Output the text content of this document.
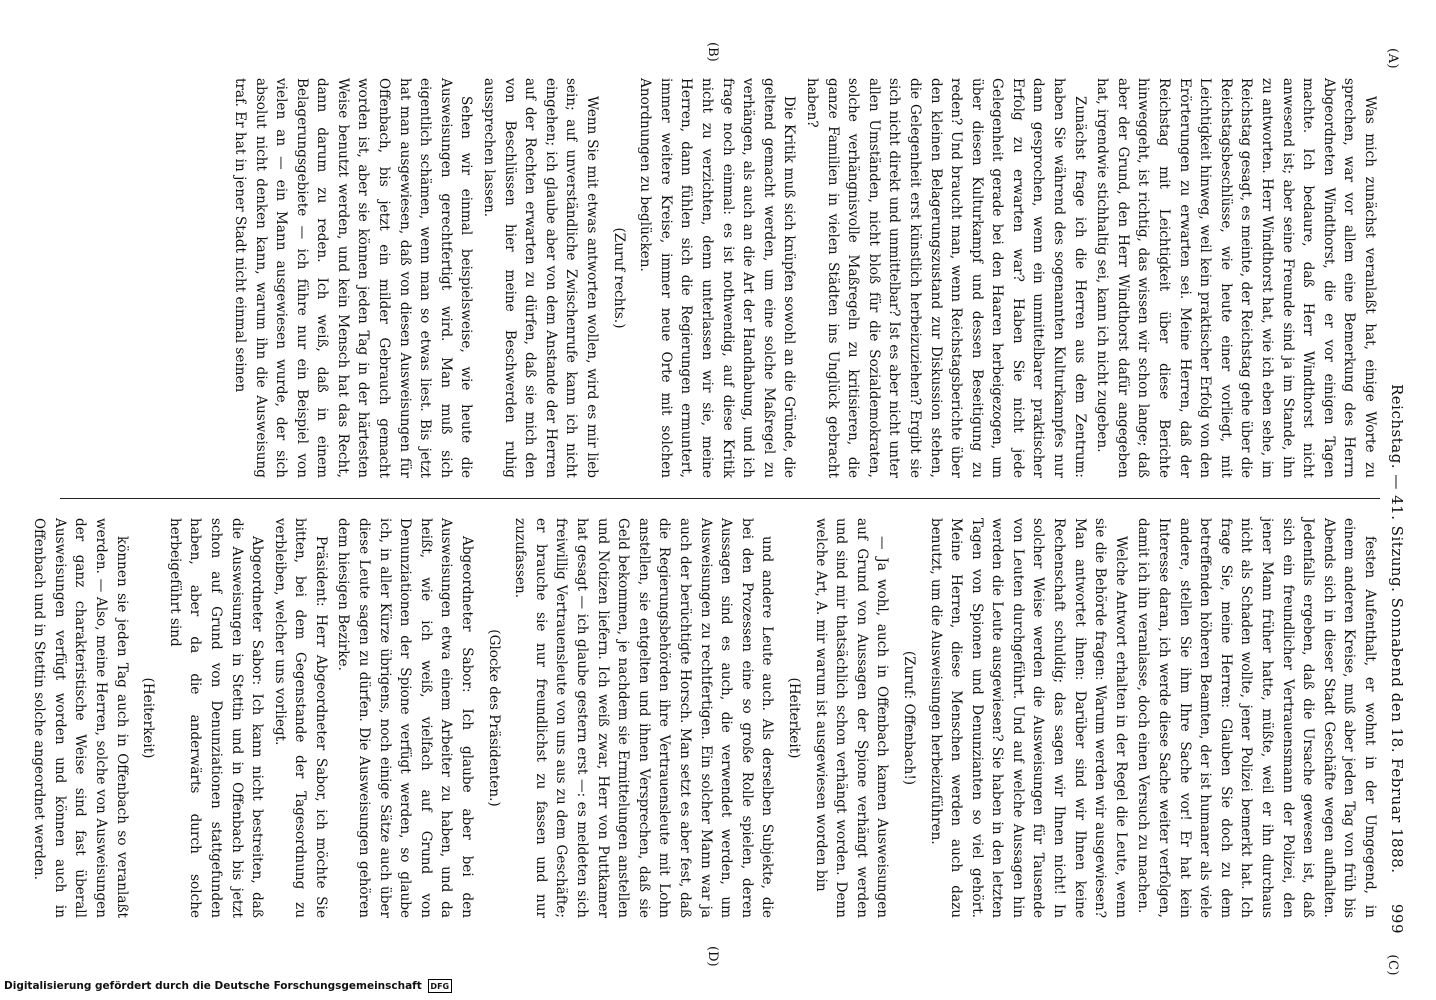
(A)
Reichstag. — 41. Sitzung. Sonnabend den 18. Februar 1888.
999
(C)
(B)
(D)

Was mich zunächst veranlaßt hat, einige Worte zu sprechen, war vor allem eine Bemerkung des Herrn Abgeordneten Windthorst, die er vor einigen Tagen machte. Ich bedaure, daß Herr Windthorst nicht anwesend ist; aber seine Freunde sind ja im Stande, ihn zu antworten. Herr Windthorst hat, wie ich eben sehe, im Reichstag gesagt, es meinte, der Reichstag gehe über die Reichstagsbeschlüsse, wie heute einer vorliegt, mit Leichtigkeit hinweg, weil kein praktischer Erfolg von den Erörterungen zu erwarten sei. Meine Herren, daß der Reichstag mit Leichtigkeit über diese Berichte hinweggeht, ist richtig, das wissen wir schon lange; daß aber der Grund, den Herr Windthorst dafür angegeben hat, irgendwie stichhaltig sei, kann ich nicht zugeben.

Zunächst frage ich die Herren aus dem Zentrum: haben Sie während des sogenannten Kulturkampfes nur dann gesprochen, wenn ein unmittelbarer praktischer Erfolg zu erwarten war? Haben Sie nicht jede Gelegenheit gerade bei den Haaren herbeigezogen, um über diesen Kulturkampf und dessen Beseitigung zu reden? Und braucht man, wenn Reichstagsberichte über den kleinen Belagerungszustand zur Diskussion stehen, die Gelegenheit erst künstlich herbeizuziehen? Ergibt sie sich nicht direkt und unmittelbar? Ist es aber nicht unter allen Umständen, nicht bloß für die Sozialdemokraten, solche verhängnisvolle Maßregeln zu kritisieren, die ganze Familien in vielen Städten ins Unglück gebracht haben?

Die Kritik muß sich knüpfen sowohl an die Gründe, die geltend gemacht werden, um eine solche Maßregel zu verhängen, als auch an die Art der Handhabung, und ich frage noch einmal: es ist nothwendig, auf diese Kritik nicht zu verzichten, denn unterlassen wir sie, meine Herren, dann fühlen sich die Regierungen ermuntert, immer weitere Kreise, immer neue Orte mit solchen Anordnungen zu beglücken.

(Zuruf rechts.)

Wenn Sie mit etwas antworten wollen, wird es mir lieb sein; auf unverständliche Zwischenrufe kann ich nicht eingehen; ich glaube aber von dem Anstande der Herren auf der Rechten erwarten zu dürfen, daß sie mich den von Beschlüssen hier meine Beschwerden ruhig aussprechen lassen.

Sehen wir einmal beispielsweise, wie heute die Ausweisungen gerechtfertigt wird. Man muß sich eigentlich schämen, wenn man so etwas liest. Bis jetzt hat man ausgewiesen, daß von diesen Ausweisungen für Offenbach, bis jetzt ein milder Gebrauch gemacht worden ist, aber sie können jeden Tag in der härtesten Weise benutzt werden, und kein Mensch hat das Recht, dann darum zu reden. Ich weiß, daß in einem Belagerungsgebiete — ich führe nur ein Beispiel von vielen an — ein Mann ausgewiesen wurde, der sich absolut nicht denken kann, warum ihn die Ausweisung traf. Er hat in jener Stadt nicht einmal seinen

festen Aufenthalt, er wohnt in der Umgegend, in einem anderen Kreise, muß aber jeden Tag von früh bis Abends sich in dieser Stadt Geschäfte wegen aufhalten. Jedenfalls ergeben, daß die Ursache gewesen ist, daß sich ein freundlicher Vertrauensmann der Polizei, den jener Mann früher hatte, müßte, weil er ihn durchaus nicht als Schaden wollte, jener Polizei bemerkt hat. Ich frage Sie, meine Herren: Glauben Sie doch zu dem betreffenden höheren Beamten, der ist humaner als viele andere, stellen Sie ihm Ihre Sache vor! Er hat kein Interesse daran, ich werde diese Sache weiter verfolgen, damit ich ihn veranlasse, doch einen Versuch zu machen.

Welche Antwort erhalten in der Regel die Leute, wenn sie die Behörde fragen: Warum werden wir ausgewiesen? Man antwortet ihnen: Darüber sind wir Ihnen keine Rechenschaft schuldig; das sagen wir Ihnen nicht! In solcher Weise werden die Ausweisungen für Tausende von Leuten durchgeführt. Und auf welche Aussagen hin werden die Leute ausgewiesen? Sie haben in den letzten Tagen von Spionen und Denunzianten so viel gehört. Meine Herren, diese Menschen werden auch dazu benutzt, um die Ausweisungen herbeizuführen.

(Zuruf: Offenbach!)

— Ja wohl, auch in Offenbach kamen Ausweisungen auf Grund von Aussagen der Spione verhängt werden und sind mir thatsächlich schon verhängt worden. Denn welche Art, A. mir warum ist ausgewiesen worden bin

(Heiterkeit)

und andere Leute auch. Als derselben Subjekte, die bei den Prozessen eine so große Rolle spielen, deren Aussagen sind es auch, die verwendet werden, um Ausweisungen zu rechtfertigen. Ein solcher Mann war ja auch der berüchtigte Horsch. Man setzt es aber fest, daß die Regierungsbehörden ihre Vertrauensleute mit Lohn anstellen, sie entgelten und ihnen Versprechen, daß sie Geld bekommen, je nachdem sie Ermittelungen anstellen und Notizen liefern. Ich weiß zwar, Herr von Puttkamer hat gesagt — ich glaube gestern erst —: es meldeten sich freiwillig Vertrauensleute von uns aus zu dem Geschäfte; er brauche sie nur freundlichst zu fassen und nur zuzufassen.

(Glocke des Präsidenten.)

Abgeordneter Sabor: Ich glaube aber bei den Ausweisungen etwa einem Arbeiter zu haben, und da heißt, wie ich weiß, vielfach auf Grund von Denunziationen der Spione verfügt werden, so glaube ich, in aller Kürze übrigens, noch einige Sätze auch über diese Leute sagen zu dürfen. Die Ausweisungen gehören dem hiesigen Bezirke.

Präsident: Herr Abgeordneter Sabor, ich möchte Sie bitten, bei dem Gegenstande der Tagesordnung zu verbleiben, welcher uns vorliegt.

Abgeordneter Sabor: Ich kann nicht bestreiten, daß die Ausweisungen in Stettin und in Offenbach bis jetzt schon auf Grund von Denunziationen stattgefunden haben, aber da die anderwärts durch solche herbeigeführt sind

(Heiterkeit)

können sie jeden Tag auch in Offenbach so veranlaßt werden. — Also, meine Herren, solche von Ausweisungen der ganz charakteristische Weise sind fast überall Ausweisungen verfügt worden und können auch in Offenbach und in Stettin solche angeordnet werden.

Digitalisierung gefördert durch die Deutsche Forschungsgemeinschaft	DFG
